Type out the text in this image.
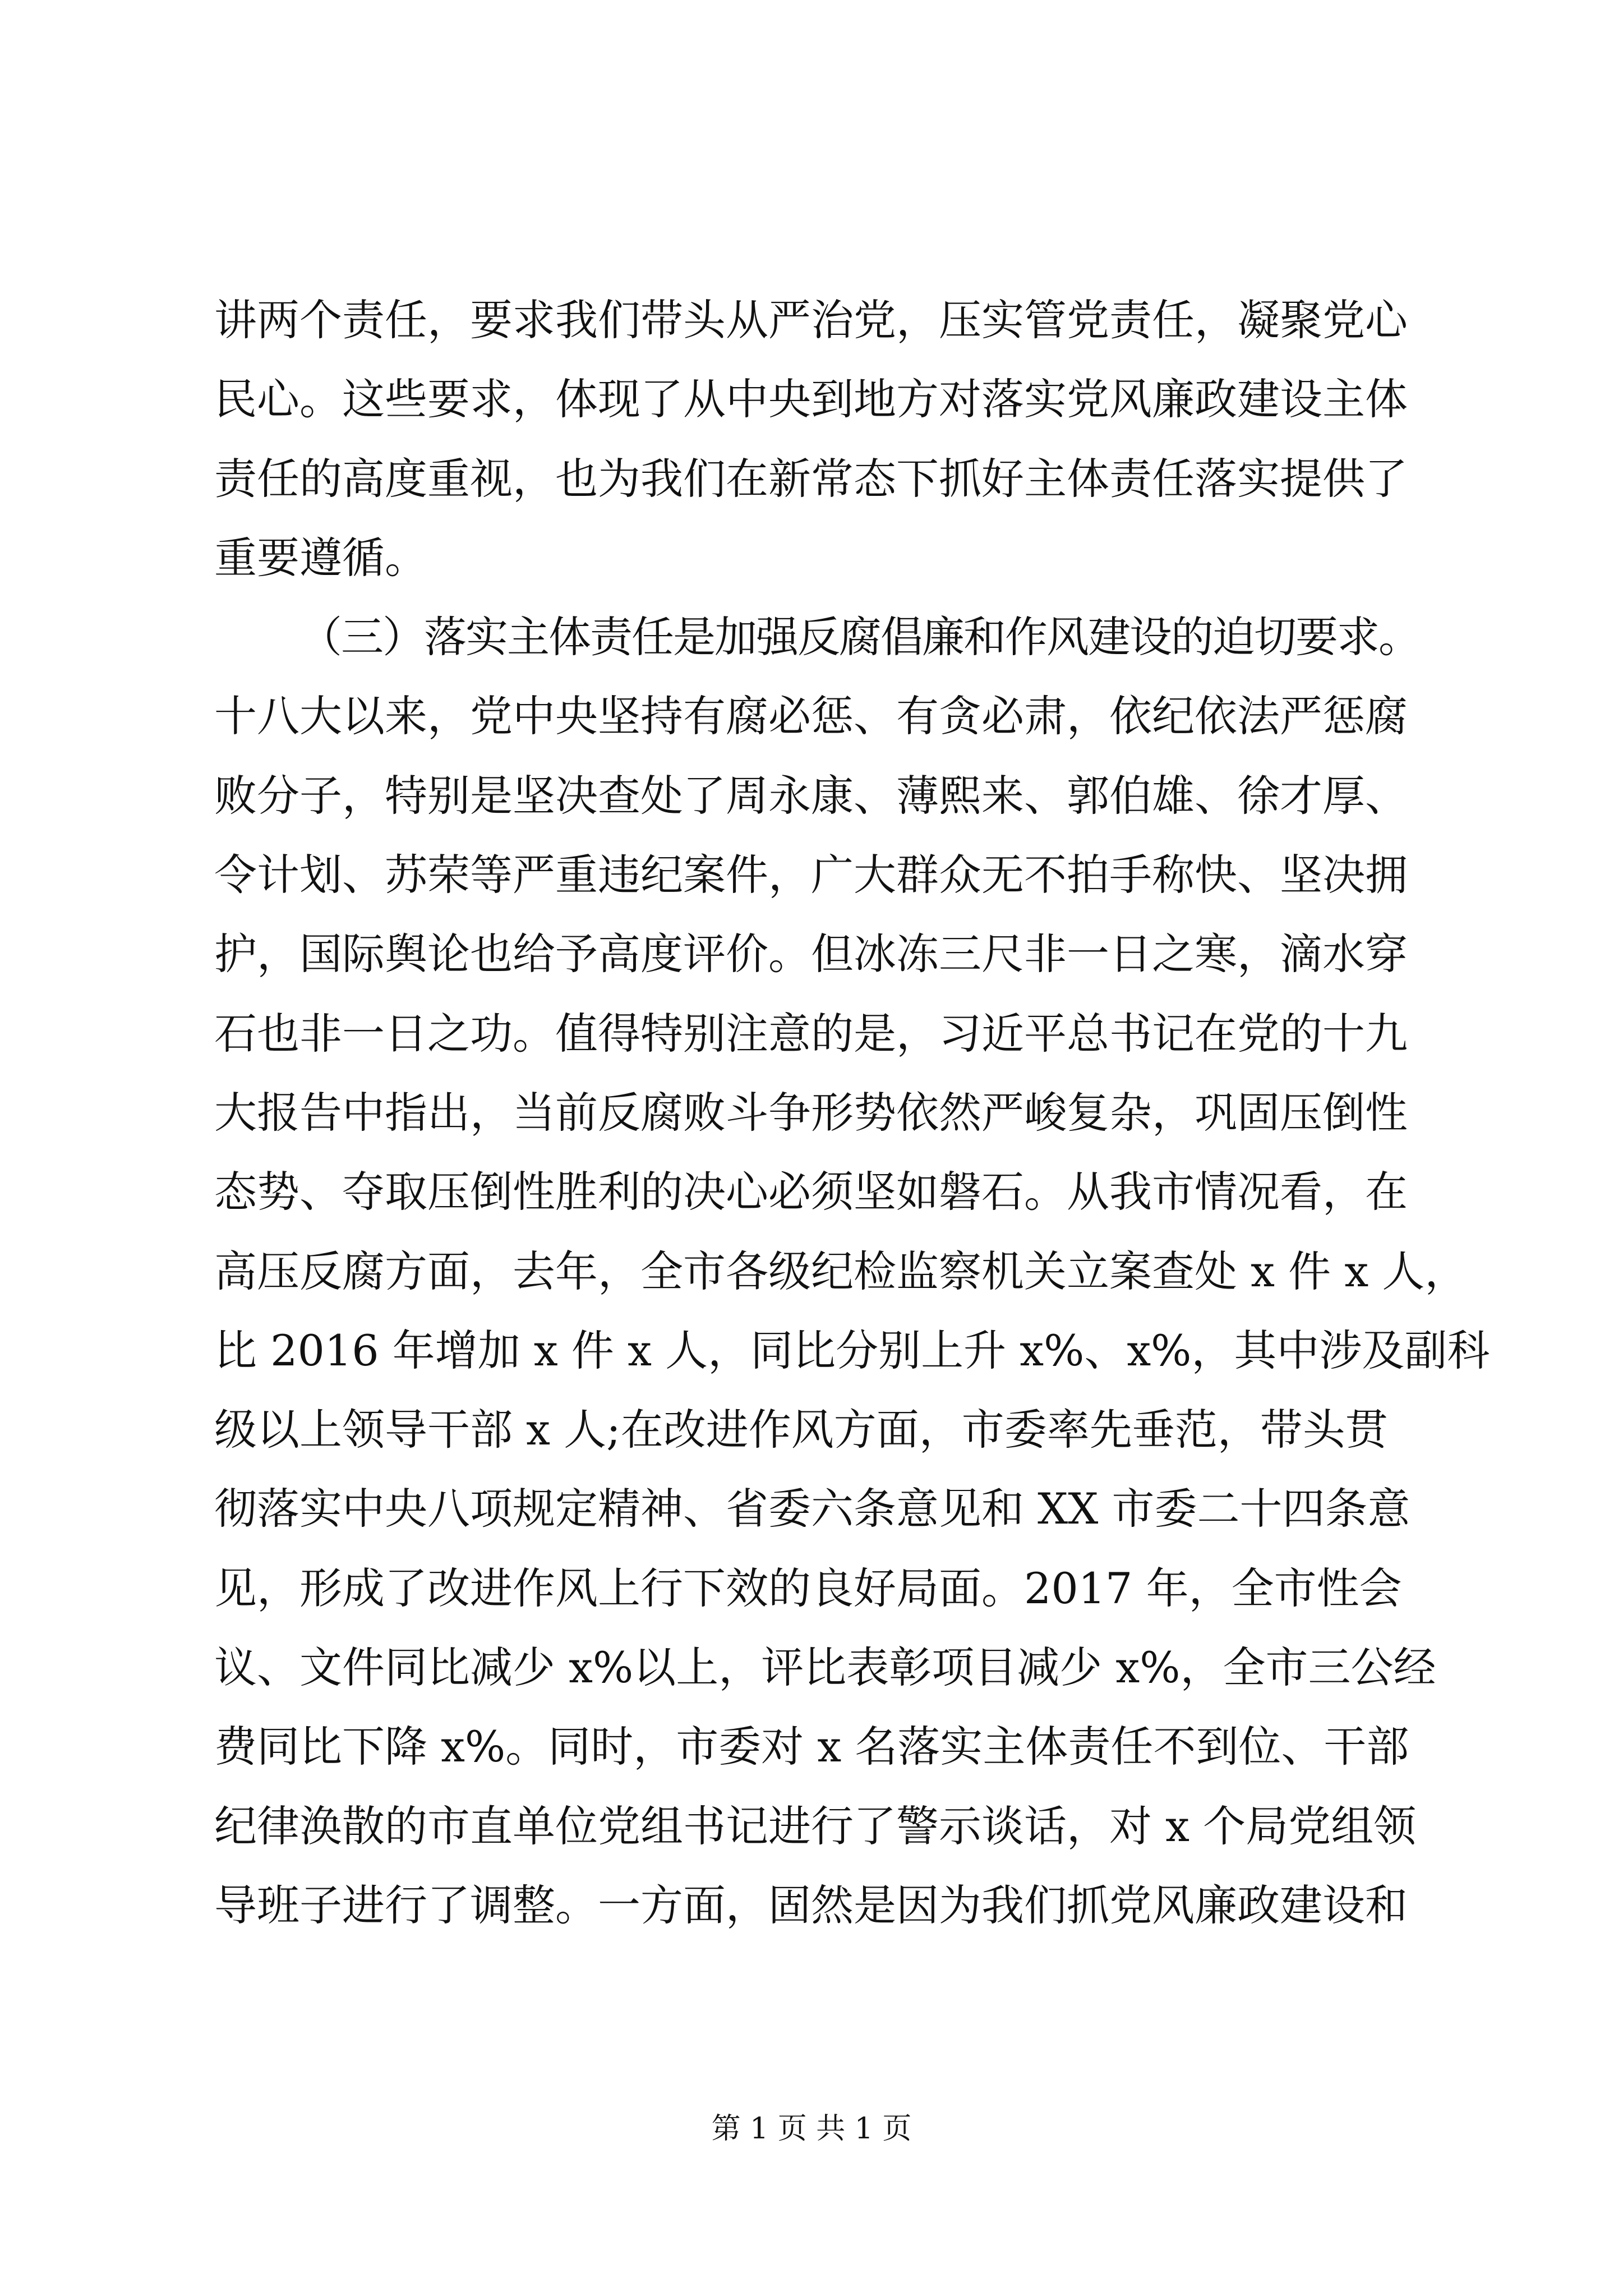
讲两个责任，要求我们带头从严治党，压实管党责任，凝聚党心
民心。这些要求，体现了从中央到地方对落实党风廉政建设主体
责任的高度重视，也为我们在新常态下抓好主体责任落实提供了
重要遵循。
（三）落实主体责任是加强反腐倡廉和作风建设的迫切要求。
十八大以来，党中央坚持有腐必惩、有贪必肃，依纪依法严惩腐
败分子，特别是坚决查处了周永康、薄熙来、郭伯雄、徐才厚、
令计划、苏荣等严重违纪案件，广大群众无不拍手称快、坚决拥
护，国际舆论也给予高度评价。但冰冻三尺非一日之寒，滴水穿
石也非一日之功。值得特别注意的是，习近平总书记在党的十九
大报告中指出，当前反腐败斗争形势依然严峻复杂，巩固压倒性
态势、夺取压倒性胜利的决心必须坚如磐石。从我市情况看，在
高压反腐方面，去年，全市各级纪检监察机关立案查处 x 件 x 人，
比 2016 年增加 x 件 x 人，同比分别上升 x%、x%，其中涉及副科
级以上领导干部 x 人;在改进作风方面，市委率先垂范，带头贯
彻落实中央八项规定精神、省委六条意见和 XX 市委二十四条意
见，形成了改进作风上行下效的良好局面。2017 年，全市性会
议、文件同比减少 x%以上，评比表彰项目减少 x%，全市三公经
费同比下降 x%。同时，市委对 x 名落实主体责任不到位、干部
纪律涣散的市直单位党组书记进行了警示谈话，对 x 个局党组领
导班子进行了调整。一方面，固然是因为我们抓党风廉政建设和
第 1 页 共 1 页
